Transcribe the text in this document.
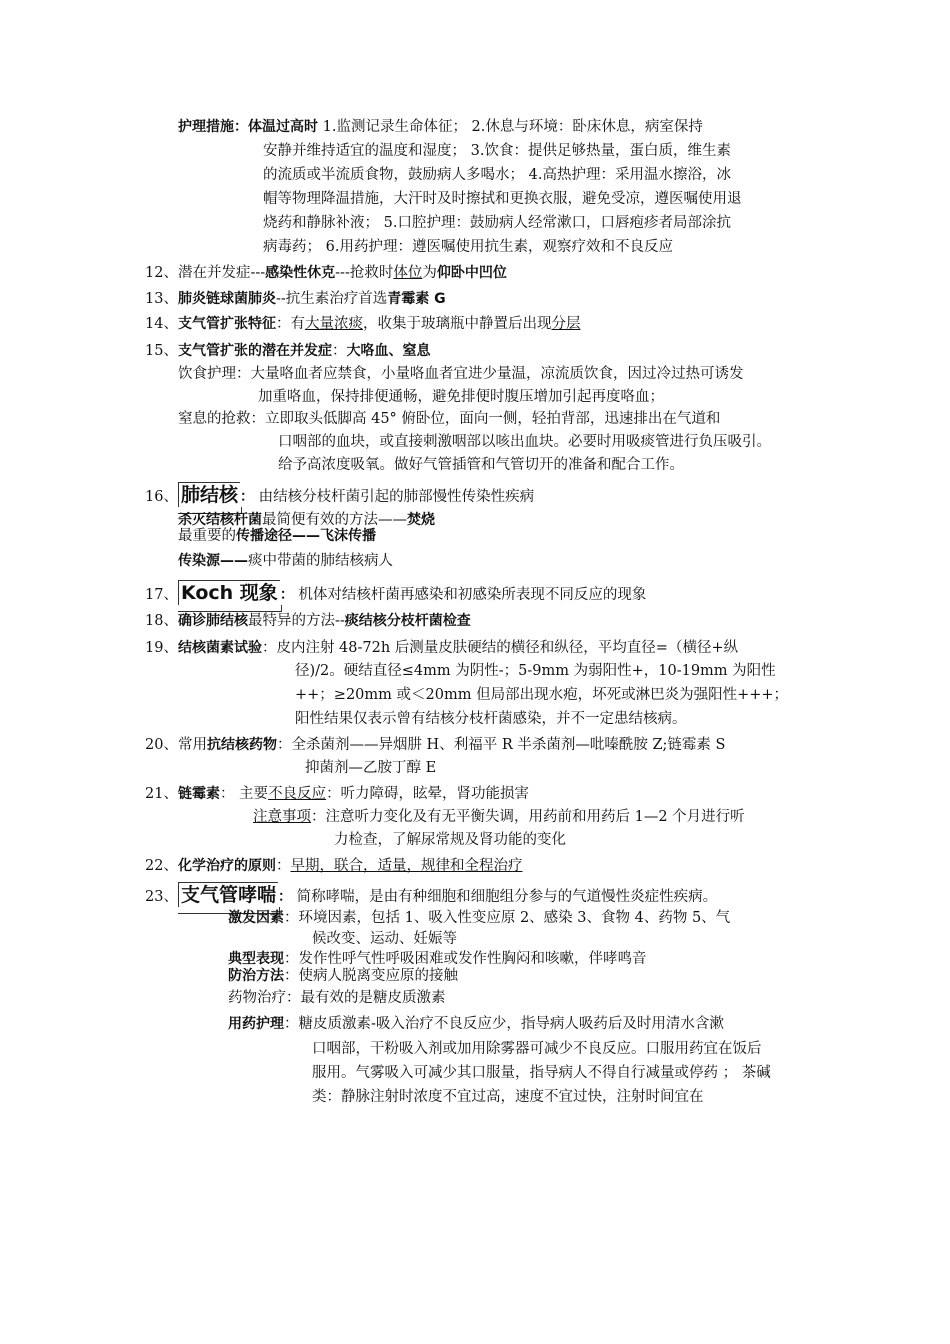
护理措施：体温过高时 1.监测记录生命体征； 2.休息与环境：卧床休息，病室保持
安静并维持适宜的温度和湿度； 3.饮食：提供足够热量，蛋白质，维生素
的流质或半流质食物，鼓励病人多喝水； 4.高热护理：采用温水擦浴，冰
帽等物理降温措施，大汗时及时擦拭和更换衣服，避免受凉，遵医嘱使用退
烧药和静脉补液； 5.口腔护理：鼓励病人经常漱口，口唇疱疹者局部涂抗
病毒药； 6.用药护理：遵医嘱使用抗生素，观察疗效和不良反应
12、潜在并发症---感染性休克---抢救时体位为仰卧中凹位
13、肺炎链球菌肺炎--抗生素治疗首选青霉素 G
14、支气管扩张特征：有大量浓痰，收集于玻璃瓶中静置后出现分层
15、支气管扩张的潜在并发症：大咯血、窒息
饮食护理：大量咯血者应禁食，小量咯血者宜进少量温，凉流质饮食，因过冷过热可诱发
加重咯血，保持排便通畅，避免排便时腹压增加引起再度咯血；
窒息的抢救：立即取头低脚高 45° 俯卧位，面向一侧，轻拍背部，迅速排出在气道和
口咽部的血块，或直接刺激咽部以咳出血块。必要时用吸痰管进行负压吸引。
给予高浓度吸氧。做好气管插管和气管切开的准备和配合工作。
16、 肺结核 ： 由结核分枝杆菌引起的肺部慢性传染性疾病
杀灭结核杆菌最简便有效的方法——焚烧
最重要的传播途径——飞沫传播
传染源——痰中带菌的肺结核病人
17、 Koch 现象 ： 机体对结核杆菌再感染和初感染所表现不同反应的现象
18、确诊肺结核最特异的方法--痰结核分枝杆菌检查
19、结核菌素试验：皮内注射 48-72h 后测量皮肤硬结的横径和纵径，平均直径=（横径+纵
径)/2。硬结直径≤4mm 为阴性-；5-9mm 为弱阳性+，10-19mm 为阳性
++；≥20mm 或＜20mm 但局部出现水疱，坏死或淋巴炎为强阳性+++；
阳性结果仅表示曾有结核分枝杆菌感染，并不一定患结核病。
20、常用抗结核药物：全杀菌剂——异烟肼 H、利福平 R 半杀菌剂—吡嗪酰胺 Z;链霉素 S
抑菌剂—乙胺丁醇 E
21、链霉素： 主要不良反应：听力障碍，眩晕，肾功能损害
注意事项：注意听力变化及有无平衡失调，用药前和用药后 1—2 个月进行听
力检查，了解尿常规及肾功能的变化
22、化学治疗的原则：早期，联合，适量，规律和全程治疗
23、 支气管哮喘 ： 简称哮喘，是由有种细胞和细胞组分参与的气道慢性炎症性疾病。
激发因素：环境因素，包括 1、吸入性变应原 2、感染 3、食物 4、药物 5、气
候改变、运动、妊娠等
典型表现：发作性呼气性呼吸困难或发作性胸闷和咳嗽，伴哮鸣音
防治方法：使病人脱离变应原的接触
药物治疗：最有效的是糖皮质激素
用药护理：糖皮质激素-吸入治疗不良反应少，指导病人吸药后及时用清水含漱
口咽部，干粉吸入剂或加用除雾器可减少不良反应。口服用药宜在饭后
服用。气雾吸入可减少其口服量，指导病人不得自行减量或停药 ； 茶碱
类：静脉注射时浓度不宜过高，速度不宜过快，注射时间宜在
